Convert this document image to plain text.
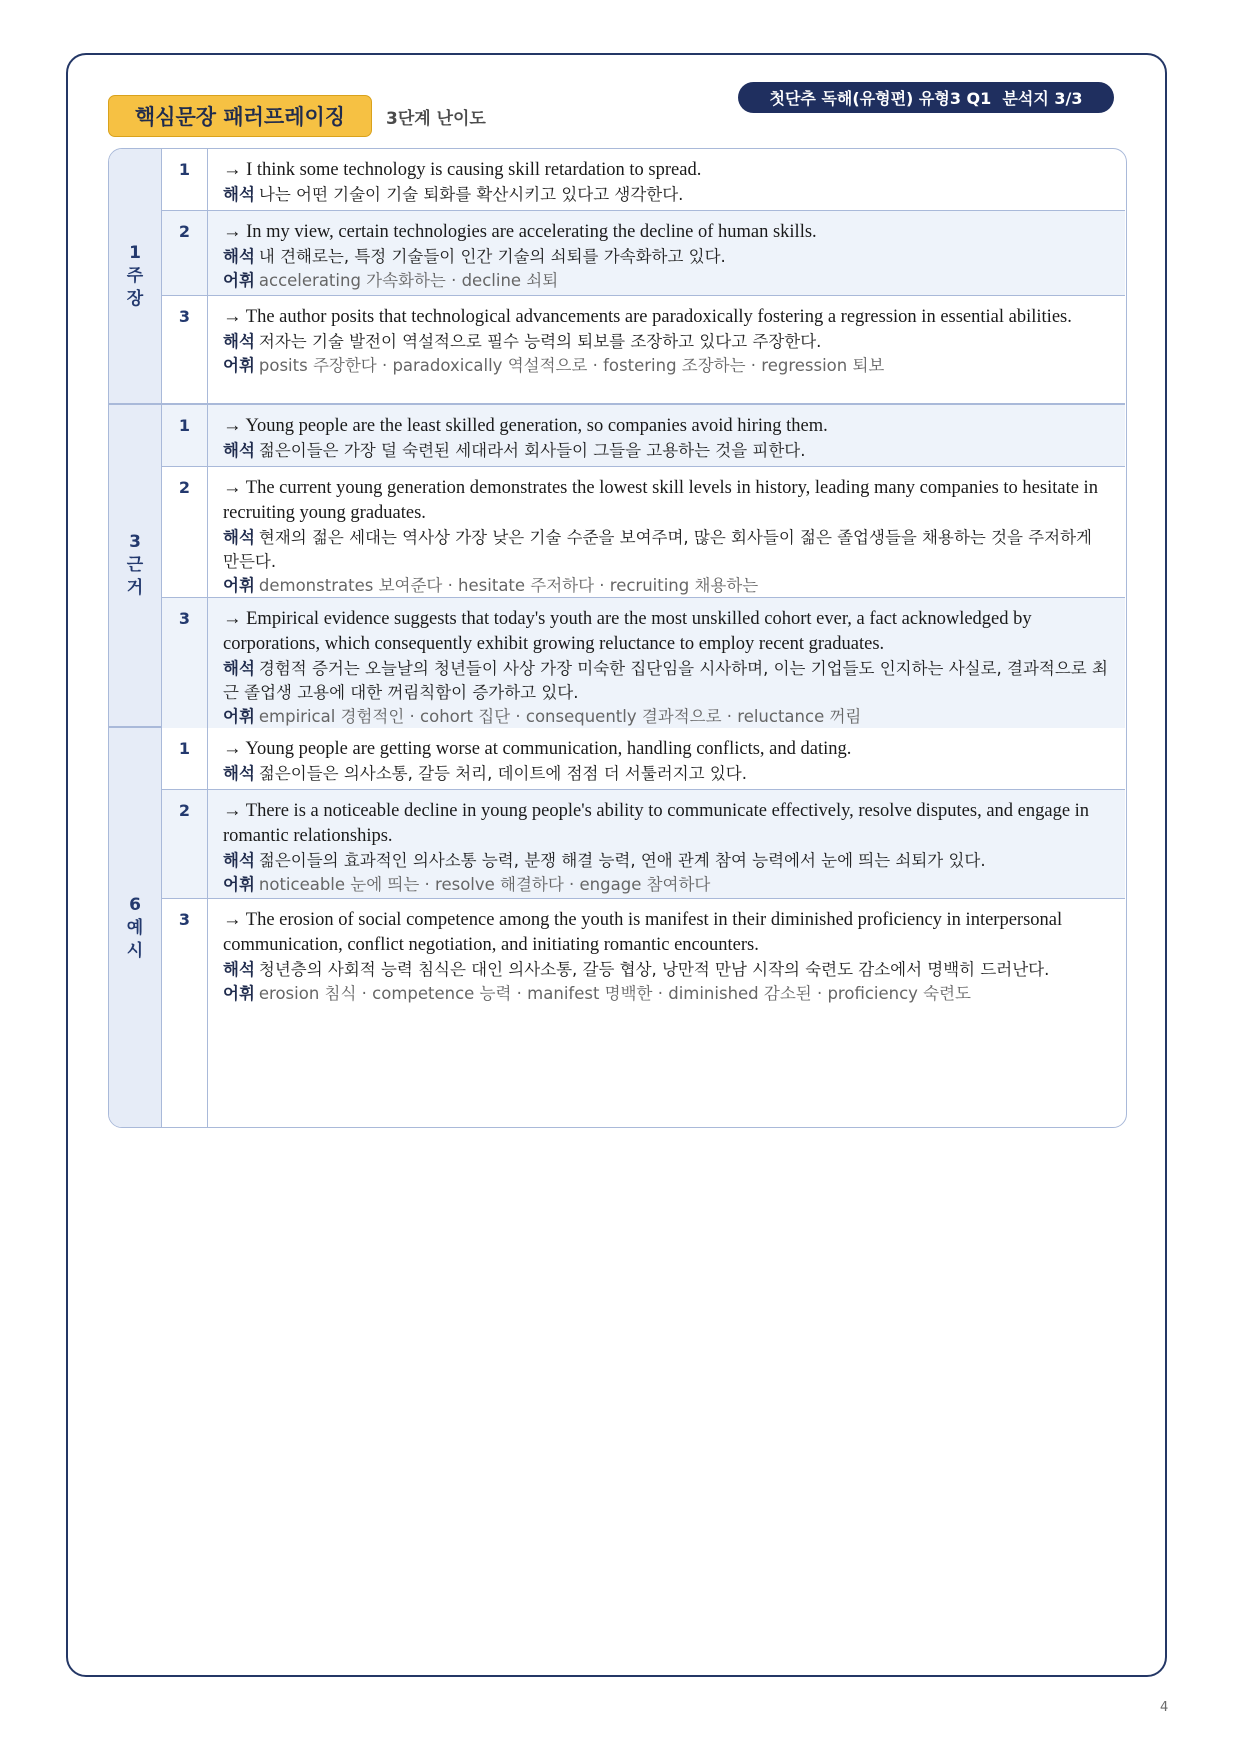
핵심문장 패러프레이징	3단계 난이도
첫단추 독해(유형편) 유형3 Q1  분석지 3/3
1
주
장
1	→ I think some technology is causing skill retardation to spread.
해석 나는 어떤 기술이 기술 퇴화를 확산시키고 있다고 생각한다.
2	→ In my view, certain technologies are accelerating the decline of human skills.
해석 내 견해로는, 특정 기술들이 인간 기술의 쇠퇴를 가속화하고 있다.
어휘 accelerating 가속화하는 · decline 쇠퇴
3	→ The author posits that technological advancements are paradoxically fostering a regression in essential abilities.
해석 저자는 기술 발전이 역설적으로 필수 능력의 퇴보를 조장하고 있다고 주장한다.
어휘 posits 주장한다 · paradoxically 역설적으로 · fostering 조장하는 · regression 퇴보
3
근
거
1	→ Young people are the least skilled generation, so companies avoid hiring them.
해석 젊은이들은 가장 덜 숙련된 세대라서 회사들이 그들을 고용하는 것을 피한다.
2	→ The current young generation demonstrates the lowest skill levels in history, leading many companies to hesitate in recruiting young graduates.
해석 현재의 젊은 세대는 역사상 가장 낮은 기술 수준을 보여주며, 많은 회사들이 젊은 졸업생들을 채용하는 것을 주저하게 만든다.
어휘 demonstrates 보여준다 · hesitate 주저하다 · recruiting 채용하는
3	→ Empirical evidence suggests that today's youth are the most unskilled cohort ever, a fact acknowledged by corporations, which consequently exhibit growing reluctance to employ recent graduates.
해석 경험적 증거는 오늘날의 청년들이 사상 가장 미숙한 집단임을 시사하며, 이는 기업들도 인지하는 사실로, 결과적으로 최근 졸업생 고용에 대한 꺼림칙함이 증가하고 있다.
어휘 empirical 경험적인 · cohort 집단 · consequently 결과적으로 · reluctance 꺼림
6
예
시
1	→ Young people are getting worse at communication, handling conflicts, and dating.
해석 젊은이들은 의사소통, 갈등 처리, 데이트에 점점 더 서툴러지고 있다.
2	→ There is a noticeable decline in young people's ability to communicate effectively, resolve disputes, and engage in romantic relationships.
해석 젊은이들의 효과적인 의사소통 능력, 분쟁 해결 능력, 연애 관계 참여 능력에서 눈에 띄는 쇠퇴가 있다.
어휘 noticeable 눈에 띄는 · resolve 해결하다 · engage 참여하다
3	→ The erosion of social competence among the youth is manifest in their diminished proficiency in interpersonal communication, conflict negotiation, and initiating romantic encounters.
해석 청년층의 사회적 능력 침식은 대인 의사소통, 갈등 협상, 낭만적 만남 시작의 숙련도 감소에서 명백히 드러난다.
어휘 erosion 침식 · competence 능력 · manifest 명백한 · diminished 감소된 · proficiency 숙련도
4
